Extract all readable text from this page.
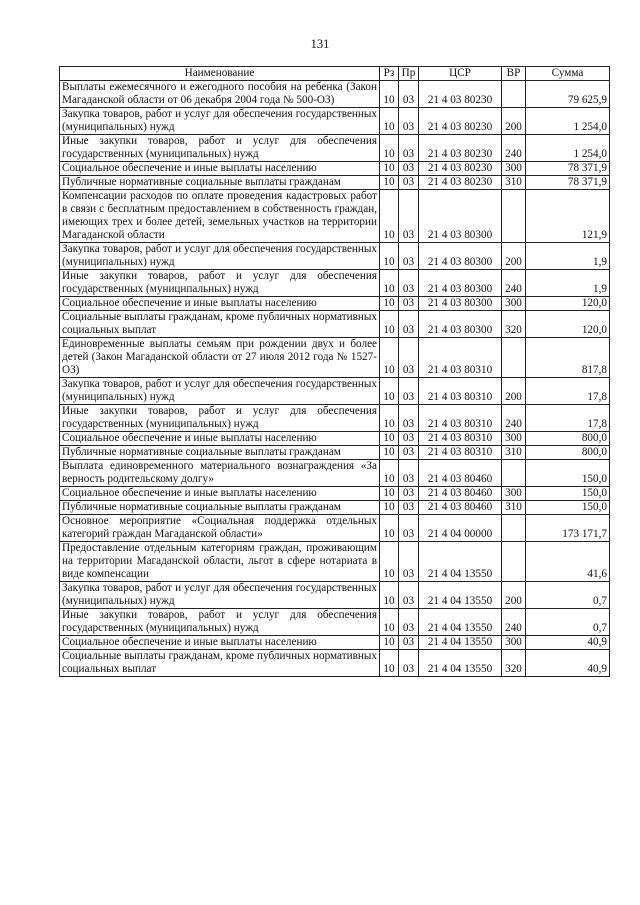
131
Наименование	Рз	Пр	ЦСР	ВР	Сумма
Выплаты ежемесячного и ежегодного пособия на ребенка (Закон Магаданской области от 06 декабря 2004 года № 500-ОЗ)	10	03	21 4 03 80230		79 625,9
Закупка товаров, работ и услуг для обеспечения государственных (муниципальных) нужд	10	03	21 4 03 80230	200	1 254,0
Иные закупки товаров, работ и услуг для обеспечения государственных (муниципальных) нужд	10	03	21 4 03 80230	240	1 254,0
Социальное обеспечение и иные выплаты населению	10	03	21 4 03 80230	300	78 371,9
Публичные нормативные социальные выплаты гражданам	10	03	21 4 03 80230	310	78 371,9
Компенсации расходов по оплате проведения кадастровых работ в связи с бесплатным предоставлением в собственность граждан, имеющих трех и более детей, земельных участков на территории Магаданской области	10	03	21 4 03 80300		121,9
Закупка товаров, работ и услуг для обеспечения государственных (муниципальных) нужд	10	03	21 4 03 80300	200	1,9
Иные закупки товаров, работ и услуг для обеспечения государственных (муниципальных) нужд	10	03	21 4 03 80300	240	1,9
Социальное обеспечение и иные выплаты населению	10	03	21 4 03 80300	300	120,0
Социальные выплаты гражданам, кроме публичных нормативных социальных выплат	10	03	21 4 03 80300	320	120,0
Единовременные выплаты семьям при рождении двух и более детей (Закон Магаданской области от 27 июля 2012 года № 1527-ОЗ)	10	03	21 4 03 80310		817,8
Закупка товаров, работ и услуг для обеспечения государственных (муниципальных) нужд	10	03	21 4 03 80310	200	17,8
Иные закупки товаров, работ и услуг для обеспечения государственных (муниципальных) нужд	10	03	21 4 03 80310	240	17,8
Социальное обеспечение и иные выплаты населению	10	03	21 4 03 80310	300	800,0
Публичные нормативные социальные выплаты гражданам	10	03	21 4 03 80310	310	800,0
Выплата единовременного материального вознаграждения «За верность родительскому долгу»	10	03	21 4 03 80460		150,0
Социальное обеспечение и иные выплаты населению	10	03	21 4 03 80460	300	150,0
Публичные нормативные социальные выплаты гражданам	10	03	21 4 03 80460	310	150,0
Основное мероприятие «Социальная поддержка отдельных категорий граждан Магаданской области»	10	03	21 4 04 00000		173 171,7
Предоставление отдельным категориям граждан, проживающим на территории Магаданской области, льгот в сфере нотариата в виде компенсации	10	03	21 4 04 13550		41,6
Закупка товаров, работ и услуг для обеспечения государственных (муниципальных) нужд	10	03	21 4 04 13550	200	0,7
Иные закупки товаров, работ и услуг для обеспечения государственных (муниципальных) нужд	10	03	21 4 04 13550	240	0,7
Социальное обеспечение и иные выплаты населению	10	03	21 4 04 13550	300	40,9
Социальные выплаты гражданам, кроме публичных нормативных социальных выплат	10	03	21 4 04 13550	320	40,9
